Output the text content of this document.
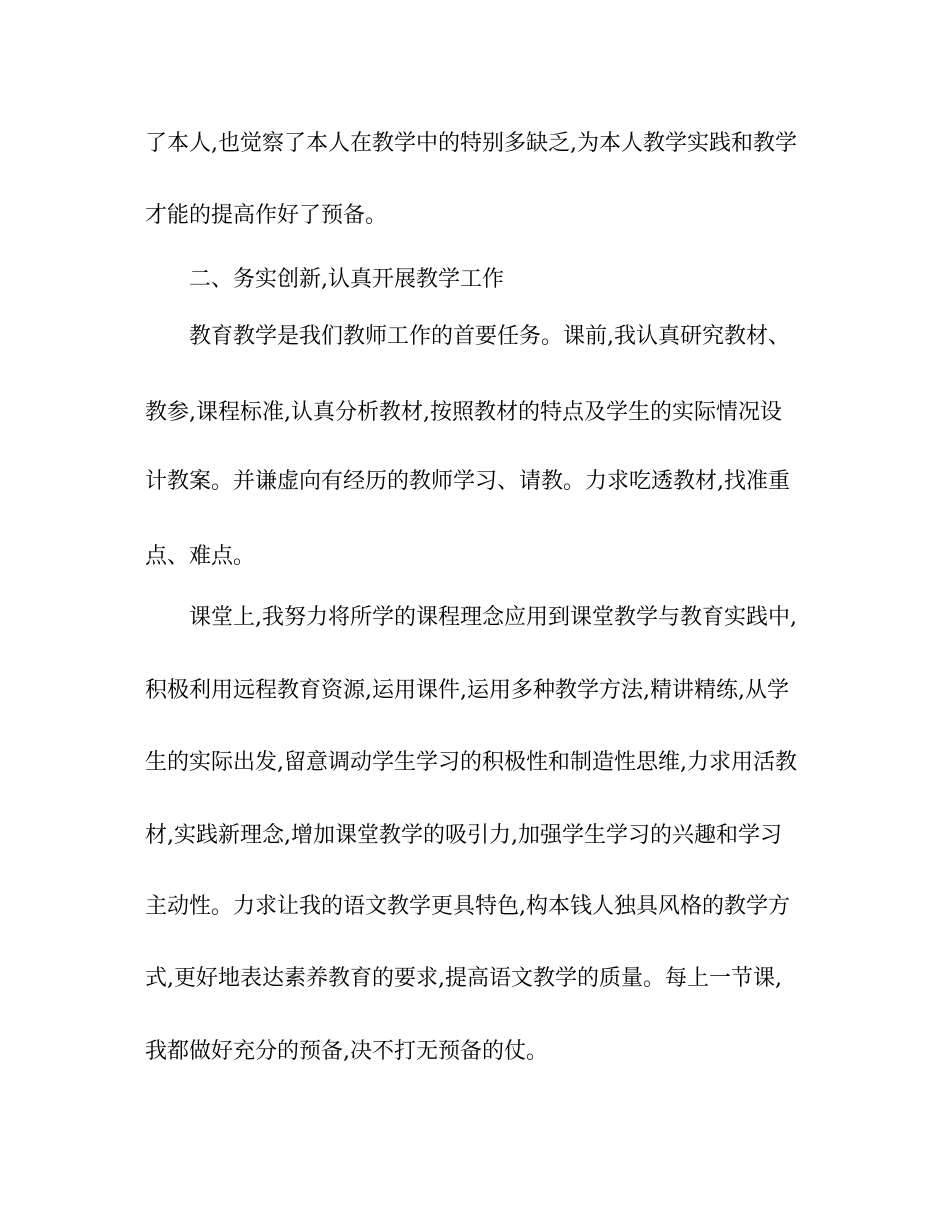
了本人,也觉察了本人在教学中的特别多缺乏,为本人教学实践和教学
才能的提高作好了预备。
二、务实创新,认真开展教学工作
教育教学是我们教师工作的首要任务。课前,我认真研究教材、
教参,课程标准,认真分析教材,按照教材的特点及学生的实际情况设
计教案。并谦虚向有经历的教师学习、请教。力求吃透教材,找准重
点、难点。
课堂上,我努力将所学的课程理念应用到课堂教学与教育实践中,
积极利用远程教育资源,运用课件,运用多种教学方法,精讲精练,从学
生的实际出发,留意调动学生学习的积极性和制造性思维,力求用活教
材,实践新理念,增加课堂教学的吸引力,加强学生学习的兴趣和学习
主动性。力求让我的语文教学更具特色,构本钱人独具风格的教学方
式,更好地表达素养教育的要求,提高语文教学的质量。每上一节课,
我都做好充分的预备,决不打无预备的仗。
